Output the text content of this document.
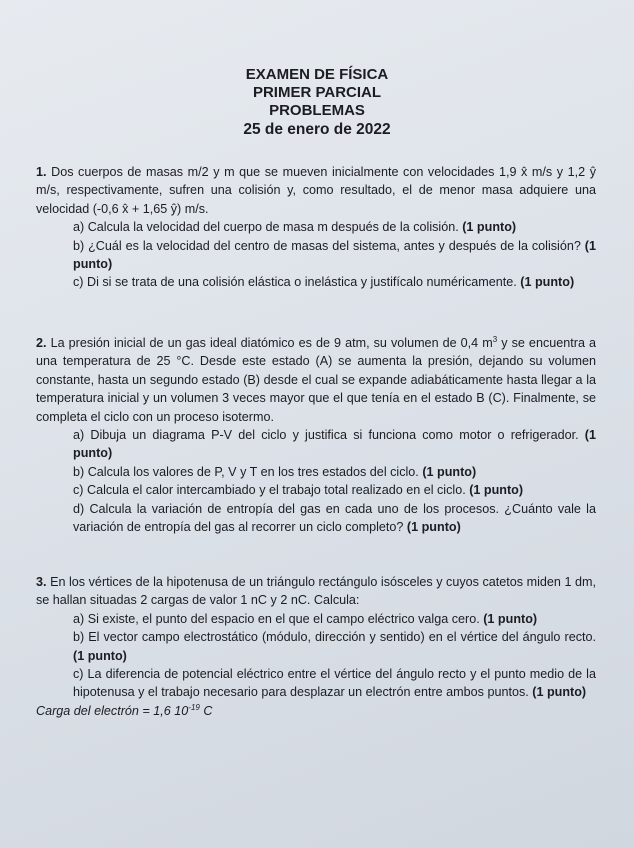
EXAMEN DE FÍSICA
PRIMER PARCIAL
PROBLEMAS
25 de enero de 2022

1. Dos cuerpos de masas m/2 y m que se mueven inicialmente con velocidades 1,9 x̂ m/s y 1,2 ŷ m/s, respectivamente, sufren una colisión y, como resultado, el de menor masa adquiere una velocidad (-0,6 x̂ + 1,65 ŷ) m/s.

a) Calcula la velocidad del cuerpo de masa m después de la colisión. (1 punto)

b) ¿Cuál es la velocidad del centro de masas del sistema, antes y después de la colisión? (1 punto)

c) Di si se trata de una colisión elástica o inelástica y justifícalo numéricamente. (1 punto)

2. La presión inicial de un gas ideal diatómico es de 9 atm, su volumen de 0,4 $m^3$ y se encuentra a una temperatura de 25 °C. Desde este estado (A) se aumenta la presión, dejando su volumen constante, hasta un segundo estado (B) desde el cual se expande adiabáticamente hasta llegar a la temperatura inicial y un volumen 3 veces mayor que el que tenía en el estado B (C). Finalmente, se completa el ciclo con un proceso isotermo.

a) Dibuja un diagrama P-V del ciclo y justifica si funciona como motor o refrigerador. (1 punto)

b) Calcula los valores de P, V y T en los tres estados del ciclo. (1 punto)

c) Calcula el calor intercambiado y el trabajo total realizado en el ciclo. (1 punto)

d) Calcula la variación de entropía del gas en cada uno de los procesos. ¿Cuánto vale la variación de entropía del gas al recorrer un ciclo completo? (1 punto)

3. En los vértices de la hipotenusa de un triángulo rectángulo isósceles y cuyos catetos miden 1 dm, se hallan situadas 2 cargas de valor 1 nC y 2 nC. Calcula:

a) Si existe, el punto del espacio en el que el campo eléctrico valga cero. (1 punto)

b) El vector campo electrostático (módulo, dirección y sentido) en el vértice del ángulo recto. (1 punto)

c) La diferencia de potencial eléctrico entre el vértice del ángulo recto y el punto medio de la hipotenusa y el trabajo necesario para desplazar un electrón entre ambos puntos. (1 punto)

Carga del electrón = 1,6 $10^{-19}$ C
